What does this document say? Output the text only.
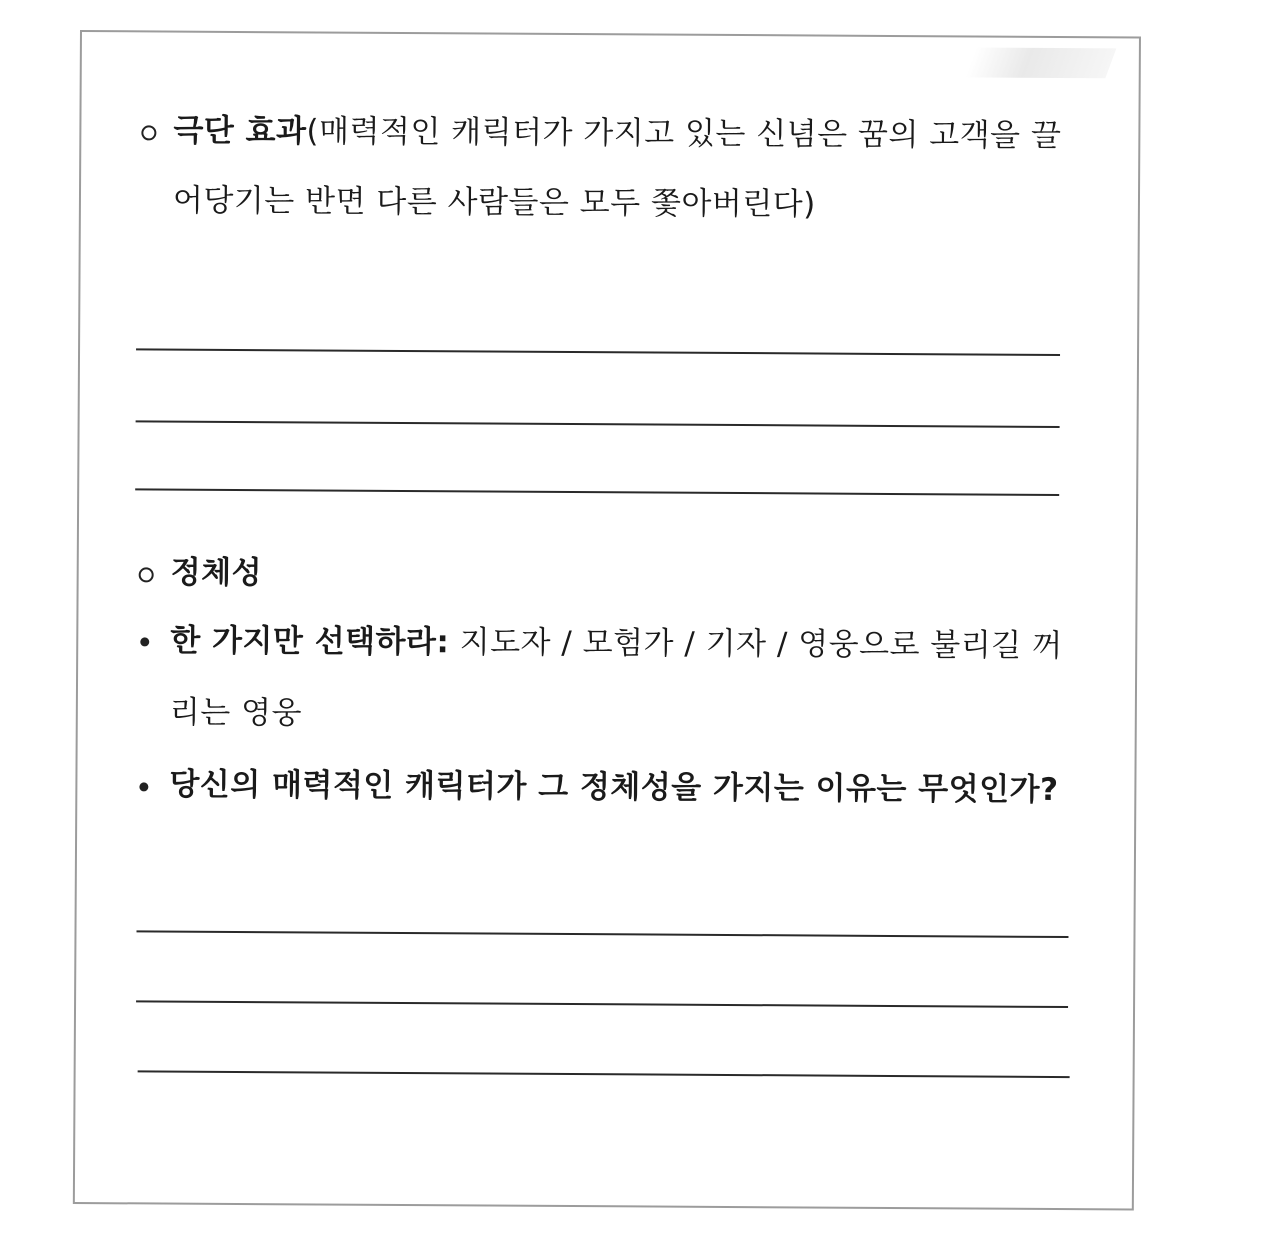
극단 효과(매력적인 캐릭터가 가지고 있는 신념은 꿈의 고객을 끌
어당기는 반면 다른 사람들은 모두 쫓아버린다)
정체성
한 가지만 선택하라: 지도자 / 모험가 / 기자 / 영웅으로 불리길 꺼
리는 영웅
당신의 매력적인 캐릭터가 그 정체성을 가지는 이유는 무엇인가?
